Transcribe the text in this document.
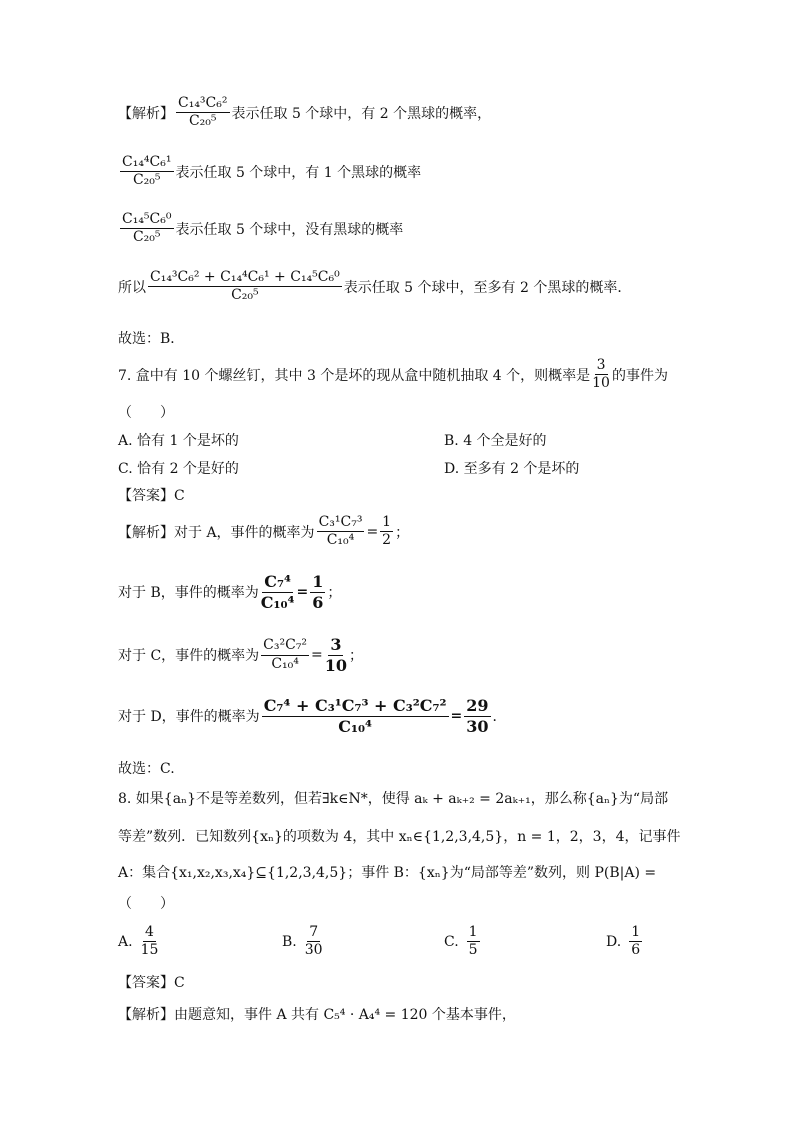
【解析】 $\frac{\text{C₁₄³C₆²}}{\text{C₂₀⁵}}$ 表示任取 5 个球中，有 2 个黑球的概率，
$\frac{\text{C₁₄⁴C₆¹}}{\text{C₂₀⁵}}$ 表示任取 5 个球中，有 1 个黑球的概率
$\frac{\text{C₁₄⁵C₆⁰}}{\text{C₂₀⁵}}$ 表示任取 5 个球中，没有黑球的概率
所以 $\frac{\text{C₁₄³C₆² + C₁₄⁴C₆¹ + C₁₄⁵C₆⁰}}{\text{C₂₀⁵}}$ 表示任取 5 个球中，至多有 2 个黑球的概率．
故选：B．
7. 盒中有 10 个螺丝钉，其中 3 个是坏的现从盒中随机抽取 4 个，则概率是 $\frac{3}{10}$ 的事件为
（　　）
A. 恰有 1 个是坏的	B. 4 个全是好的
C. 恰有 2 个是好的	D. 至多有 2 个是坏的
【答案】C
【解析】 对于 A，事件的概率为 $\frac{\text{C₃¹C₇³}}{\text{C₁₀⁴}} = \frac{1}{2}$ ；
对于 B，事件的概率为 $\frac{\text{C₇⁴}}{\text{C₁₀⁴}} = \frac{1}{6}$ ；
对于 C，事件的概率为 $\frac{\text{C₃²C₇²}}{\text{C₁₀⁴}} = \frac{3}{10}$ ；
对于 D，事件的概率为 $\frac{\text{C₇⁴ + C₃¹C₇³ + C₃²C₇²}}{\text{C₁₀⁴}} = \frac{29}{30}$ ．
故选：C.
8. 如果{aₙ}不是等差数列，但若∃k∈N*，使得 aₖ + aₖ₊₂ = 2aₖ₊₁，那么称{aₙ}为“局部
等差”数列．已知数列{xₙ}的项数为 4，其中 xₙ∈{1,2,3,4,5}，n = 1，2，3，4，记事件
A：集合{x₁,x₂,x₃,x₄}⊆{1,2,3,4,5}；事件 B：{xₙ}为“局部等差”数列，则 P(B|A) =
（　　）
A. $\frac{4}{15}$	B. $\frac{7}{30}$	C. $\frac{1}{5}$	D. $\frac{1}{6}$
【答案】C
【解析】由题意知，事件 A 共有 C₅⁴ · A₄⁴ = 120 个基本事件，
